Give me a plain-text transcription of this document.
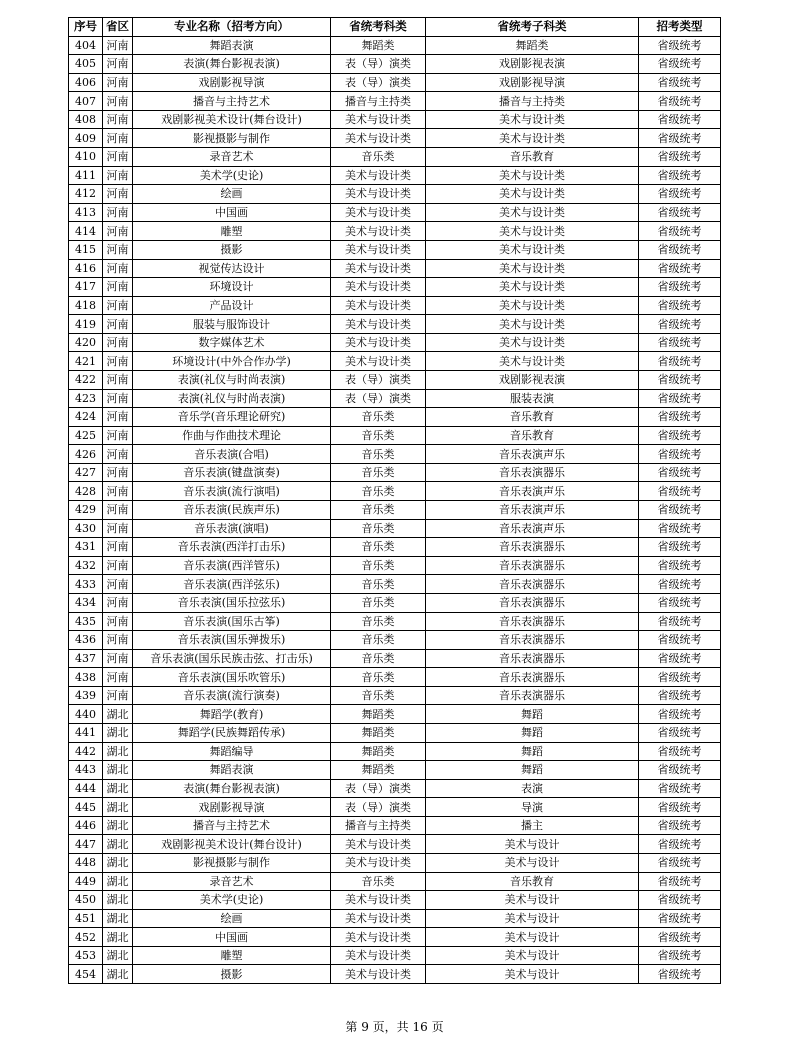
序号	省区	专业名称（招考方向）	省统考科类	省统考子科类	招考类型
404	河南	舞蹈表演	舞蹈类	舞蹈类	省级统考
405	河南	表演(舞台影视表演)	表（导）演类	戏剧影视表演	省级统考
406	河南	戏剧影视导演	表（导）演类	戏剧影视导演	省级统考
407	河南	播音与主持艺术	播音与主持类	播音与主持类	省级统考
408	河南	戏剧影视美术设计(舞台设计)	美术与设计类	美术与设计类	省级统考
409	河南	影视摄影与制作	美术与设计类	美术与设计类	省级统考
410	河南	录音艺术	音乐类	音乐教育	省级统考
411	河南	美术学(史论)	美术与设计类	美术与设计类	省级统考
412	河南	绘画	美术与设计类	美术与设计类	省级统考
413	河南	中国画	美术与设计类	美术与设计类	省级统考
414	河南	雕塑	美术与设计类	美术与设计类	省级统考
415	河南	摄影	美术与设计类	美术与设计类	省级统考
416	河南	视觉传达设计	美术与设计类	美术与设计类	省级统考
417	河南	环境设计	美术与设计类	美术与设计类	省级统考
418	河南	产品设计	美术与设计类	美术与设计类	省级统考
419	河南	服装与服饰设计	美术与设计类	美术与设计类	省级统考
420	河南	数字媒体艺术	美术与设计类	美术与设计类	省级统考
421	河南	环境设计(中外合作办学)	美术与设计类	美术与设计类	省级统考
422	河南	表演(礼仪与时尚表演)	表（导）演类	戏剧影视表演	省级统考
423	河南	表演(礼仪与时尚表演)	表（导）演类	服装表演	省级统考
424	河南	音乐学(音乐理论研究)	音乐类	音乐教育	省级统考
425	河南	作曲与作曲技术理论	音乐类	音乐教育	省级统考
426	河南	音乐表演(合唱)	音乐类	音乐表演声乐	省级统考
427	河南	音乐表演(键盘演奏)	音乐类	音乐表演器乐	省级统考
428	河南	音乐表演(流行演唱)	音乐类	音乐表演声乐	省级统考
429	河南	音乐表演(民族声乐)	音乐类	音乐表演声乐	省级统考
430	河南	音乐表演(演唱)	音乐类	音乐表演声乐	省级统考
431	河南	音乐表演(西洋打击乐)	音乐类	音乐表演器乐	省级统考
432	河南	音乐表演(西洋管乐)	音乐类	音乐表演器乐	省级统考
433	河南	音乐表演(西洋弦乐)	音乐类	音乐表演器乐	省级统考
434	河南	音乐表演(国乐拉弦乐)	音乐类	音乐表演器乐	省级统考
435	河南	音乐表演(国乐古筝)	音乐类	音乐表演器乐	省级统考
436	河南	音乐表演(国乐弹拨乐)	音乐类	音乐表演器乐	省级统考
437	河南	音乐表演(国乐民族击弦、打击乐)	音乐类	音乐表演器乐	省级统考
438	河南	音乐表演(国乐吹管乐)	音乐类	音乐表演器乐	省级统考
439	河南	音乐表演(流行演奏)	音乐类	音乐表演器乐	省级统考
440	湖北	舞蹈学(教育)	舞蹈类	舞蹈	省级统考
441	湖北	舞蹈学(民族舞蹈传承)	舞蹈类	舞蹈	省级统考
442	湖北	舞蹈编导	舞蹈类	舞蹈	省级统考
443	湖北	舞蹈表演	舞蹈类	舞蹈	省级统考
444	湖北	表演(舞台影视表演)	表（导）演类	表演	省级统考
445	湖北	戏剧影视导演	表（导）演类	导演	省级统考
446	湖北	播音与主持艺术	播音与主持类	播主	省级统考
447	湖北	戏剧影视美术设计(舞台设计)	美术与设计类	美术与设计	省级统考
448	湖北	影视摄影与制作	美术与设计类	美术与设计	省级统考
449	湖北	录音艺术	音乐类	音乐教育	省级统考
450	湖北	美术学(史论)	美术与设计类	美术与设计	省级统考
451	湖北	绘画	美术与设计类	美术与设计	省级统考
452	湖北	中国画	美术与设计类	美术与设计	省级统考
453	湖北	雕塑	美术与设计类	美术与设计	省级统考
454	湖北	摄影	美术与设计类	美术与设计	省级统考
第 9 页，共 16 页
